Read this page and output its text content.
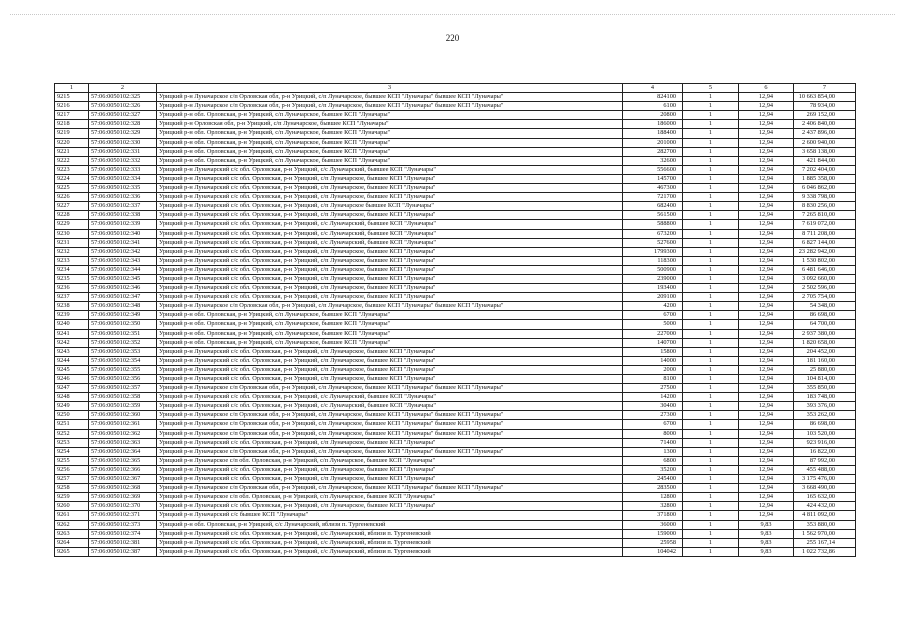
220
1	2	3	4	5	6	7
9215	57:06:0050102:325	Урицкий р-н Луначарское с/п Орловская обл, р-н Урицкий, с/п Луначарское, бывшее КСП "Луначары" бывшее КСП "Луначары"	824100	1	12,94	10 663 854,00
9216	57:06:0050102:326	Урицкий р-н Луначарское с/п Орловская обл, р-н Урицкий, с/п Луначарское, бывшее КСП "Луначары" бывшее КСП "Луначары"	6100	1	12,94	78 934,00
9217	57:06:0050102:327	Урицкий р-н обл. Орловская, р-н Урицкий, с/п Луначарское, бывшее КСП "Луначары"	20800	1	12,94	269 152,00
9218	57:06:0050102:328	Урицкий р-н Орловская обл, р-н Урицкий, с/п Луначарское, бывшее КСП "Луначары"	186000	1	12,94	2 406 840,00
9219	57:06:0050102:329	Урицкий р-н обл. Орловская, р-н Урицкий, с/п Луначарское, бывшее КСП "Луначары"	188400	1	12,94	2 437 896,00
9220	57:06:0050102:330	Урицкий р-н обл. Орловская, р-н Урицкий, с/п Луначарское, бывшее КСП "Луначары"	201000	1	12,94	2 600 940,00
9221	57:06:0050102:331	Урицкий р-н обл. Орловская, р-н Урицкий, с/п Луначарское, бывшее КСП "Луначары"	282700	1	12,94	3 658 138,00
9222	57:06:0050102:332	Урицкий р-н обл. Орловская, р-н Урицкий, с/п Луначарское, бывшее КСП "Луначары"	32600	1	12,94	421 844,00
9223	57:06:0050102:333	Урицкий р-н Луначарский с/с обл. Орловская, р-н Урицкий, с/с Луначарский, бывшее КСП "Луначары"	556600	1	12,94	7 202 404,00
9224	57:06:0050102:334	Урицкий р-н Луначарский с/с обл. Орловская, р-н Урицкий, с/п Луначарское, бывшее КСП "Луначары"	145700	1	12,94	1 885 358,00
9225	57:06:0050102:335	Урицкий р-н Луначарский с/с обл. Орловская, р-н Урицкий, с/п Луначарское, бывшее КСП "Луначары"	467300	1	12,94	6 046 862,00
9226	57:06:0050102:336	Урицкий р-н Луначарский с/с обл. Орловская, р-н Урицкий, с/п Луначарское, бывшее КСП "Луначары"	721700	1	12,94	9 338 798,00
9227	57:06:0050102:337	Урицкий р-н Луначарский с/с обл. Орловская, р-н Урицкий, с/п Луначарское бывшее КСП "Луначары"	682400	1	12,94	8 830 256,00
9228	57:06:0050102:338	Урицкий р-н Луначарский с/с обл. Орловская, р-н Урицкий, с/п Луначарское, бывшее КСП "Луначары"	561500	1	12,94	7 265 810,00
9229	57:06:0050102:339	Урицкий р-н Луначарский с/с обл. Орловская, р-н Урицкий, с/с Луначарский, бывшее КСП "Луначары"	588800	1	12,94	7 619 072,00
9230	57:06:0050102:340	Урицкий р-н Луначарский с/с обл. Орловская, р-н Урицкий, с/с Луначарский, бывшее КСП "Луначары"	673200	1	12,94	8 711 208,00
9231	57:06:0050102:341	Урицкий р-н Луначарский с/с обл. Орловская, р-н Урицкий, с/с Луначарский, бывшее КСП "Луначары"	527600	1	12,94	6 827 144,00
9232	57:06:0050102:342	Урицкий р-н Луначарский с/с обл. Орловская, р-н Урицкий, с/п Луначарское, бывшее КСП "Луначары"	1799300	1	12,94	23 282 942,00
9233	57:06:0050102:343	Урицкий р-н Луначарский с/с обл. Орловская, р-н Урицкий, с/п Луначарское, бывшее КСП "Луначары"	118300	1	12,94	1 530 802,00
9234	57:06:0050102:344	Урицкий р-н Луначарский с/с обл. Орловская, р-н Урицкий, с/п Луначарское, бывшее КСП "Луначары"	500900	1	12,94	6 481 646,00
9235	57:06:0050102:345	Урицкий р-н Луначарский с/с обл. Орловская, р-н Урицкий, с/п Луначарское, бывшее КСП "Луначары"	239000	1	12,94	3 092 660,00
9236	57:06:0050102:346	Урицкий р-н Луначарский с/с обл. Орловская, р-н Урицкий, с/п Луначарское, бывшее КСП "Луначары"	193400	1	12,94	2 502 596,00
9237	57:06:0050102:347	Урицкий р-н Луначарский с/с обл. Орловская, р-н Урицкий, с/п Луначарское, бывшее КСП "Луначары"	209100	1	12,94	2 705 754,00
9238	57:06:0050102:348	Урицкий р-н Луначарское с/п Орловская обл, р-н Урицкий, с/п Луначарское, бывшее КСП "Луначары" бывшее КСП "Луначары"	4200	1	12,94	54 348,00
9239	57:06:0050102:349	Урицкий р-н обл. Орловская, р-н Урицкий, с/п Луначарское, бывшее КСП "Луначары"	6700	1	12,94	86 698,00
9240	57:06:0050102:350	Урицкий р-н обл. Орловская, р-н Урицкий, с/п Луначарское, бывшее КСП "Луначары"	5000	1	12,94	64 700,00
9241	57:06:0050102:351	Урицкий р-н обл. Орловская, р-н Урицкий, с/п Луначарское, бывшее КСП "Луначары"	227000	1	12,94	2 937 380,00
9242	57:06:0050102:352	Урицкий р-н обл. Орловская, р-н Урицкий, с/п Луначарское, бывшее КСП "Луначары"	140700	1	12,94	1 820 658,00
9243	57:06:0050102:353	Урицкий р-н Луначарский с/с обл. Орловская, р-н Урицкий, с/п Луначарское, бывшее КСП "Луначары"	15800	1	12,94	204 452,00
9244	57:06:0050102:354	Урицкий р-н Луначарский с/с обл. Орловская, р-н Урицкий, с/п Луначарское, бывшее КСП "Луначары"	14000	1	12,94	181 160,00
9245	57:06:0050102:355	Урицкий р-н Луначарский с/с обл. Орловская, р-н Урицкий, с/п Луначарское, бывшее КСП "Луначары"	2000	1	12,94	25 880,00
9246	57:06:0050102:356	Урицкий р-н Луначарский с/с обл. Орловская, р-н Урицкий, с/п Луначарское, бывшее КСП "Луначары"	8100	1	12,94	104 814,00
9247	57:06:0050102:357	Урицкий р-н Луначарское с/п Орловская обл, р-н Урицкий, с/п Луначарское, бывшее КСП "Луначары" бывшее КСП "Луначары"	27500	1	12,94	355 850,00
9248	57:06:0050102:358	Урицкий р-н Луначарский с/с обл. Орловская, р-н Урицкий, с/с Луначарский, бывшее КСП "Луначары"	14200	1	12,94	183 748,00
9249	57:06:0050102:359	Урицкий р-н Луначарский с/с обл. Орловская, р-н Урицкий, с/с Луначарский, бывшее КСП "Луначары"	30400	1	12,94	393 376,00
9250	57:06:0050102:360	Урицкий р-н Луначарское с/п Орловская обл, р-н Урицкий, с/п Луначарское, бывшее КСП "Луначары" бывшее КСП "Луначары"	27300	1	12,94	353 262,00
9251	57:06:0050102:361	Урицкий р-н Луначарское с/п Орловская обл, р-н Урицкий, с/п Луначарское, бывшее КСП "Луначары" бывшее КСП "Луначары"	6700	1	12,94	86 698,00
9252	57:06:0050102:362	Урицкий р-н Луначарское с/п Орловская обл, р-н Урицкий, с/п Луначарское, бывшее КСП "Луначары" бывшее КСП "Луначары"	8000	1	12,94	103 520,00
9253	57:06:0050102:363	Урицкий р-н Луначарский с/с обл. Орловская, р-н Урицкий, с/п Луначарское, бывшее КСП "Луначары"	71400	1	12,94	923 916,00
9254	57:06:0050102:364	Урицкий р-н Луначарское с/п Орловская обл, р-н Урицкий, с/п Луначарское, бывшее КСП "Луначары" бывшее КСП "Луначары"	1300	1	12,94	16 822,00
9255	57:06:0050102:365	Урицкий р-н Луначарское с/п обл. Орловская, р-н Урицкий, с/п Луначарское, бывшее КСП "Луначары"	6800	1	12,94	87 992,00
9256	57:06:0050102:366	Урицкий р-н Луначарский с/с обл. Орловская, р-н Урицкий, с/п Луначарское, бывшее КСП "Луначары"	35200	1	12,94	455 488,00
9257	57:06:0050102:367	Урицкий р-н Луначарский с/с обл. Орловская, р-н Урицкий, с/п Луначарское, бывшее КСП "Луначары"	245400	1	12,94	3 175 476,00
9258	57:06:0050102:368	Урицкий р-н Луначарское с/п Орловская обл, р-н Урицкий, с/п Луначарское, бывшее КСП "Луначары" бывшее КСП "Луначары"	283500	1	12,94	3 668 490,00
9259	57:06:0050102:369	Урицкий р-н Луначарское с/п обл. Орловская, р-н Урицкий, с/п Луначарское, бывшее КСП "Луначары"	12800	1	12,94	165 632,00
9260	57:06:0050102:370	Урицкий р-н Луначарский с/с обл. Орловская, р-н Урицкий, с/п Луначарское, бывшее КСП "Луначары"	32800	1	12,94	424 432,00
9261	57:06:0050102:371	Урицкий р-н Луначарский с/с бывшее КСП "Луначары"	371800	1	12,94	4 811 092,00
9262	57:06:0050102:373	Урицкий р-н обл. Орловская, р-н Урицкий, с/с Луначарский, вблизи п. Тургеневский	36000	1	9,83	353 880,00
9263	57:06:0050102:374	Урицкий р-н Луначарский с/с обл. Орловская, р-н Урицкий, с/с Луначарский, вблизи п. Тургеневский	159000	1	9,83	1 562 970,00
9264	57:06:0050102:381	Урицкий р-н Луначарский с/с обл. Орловская, р-н Урицкий, с/с Луначарский, вблизи п. Тургеневский	25958	1	9,83	255 167,14
9265	57:06:0050102:387	Урицкий р-н Луначарский с/с обл. Орловская, р-н Урицкий, с/с Луначарский, вблизи п. Тургеневский	104042	1	9,83	1 022 732,86
